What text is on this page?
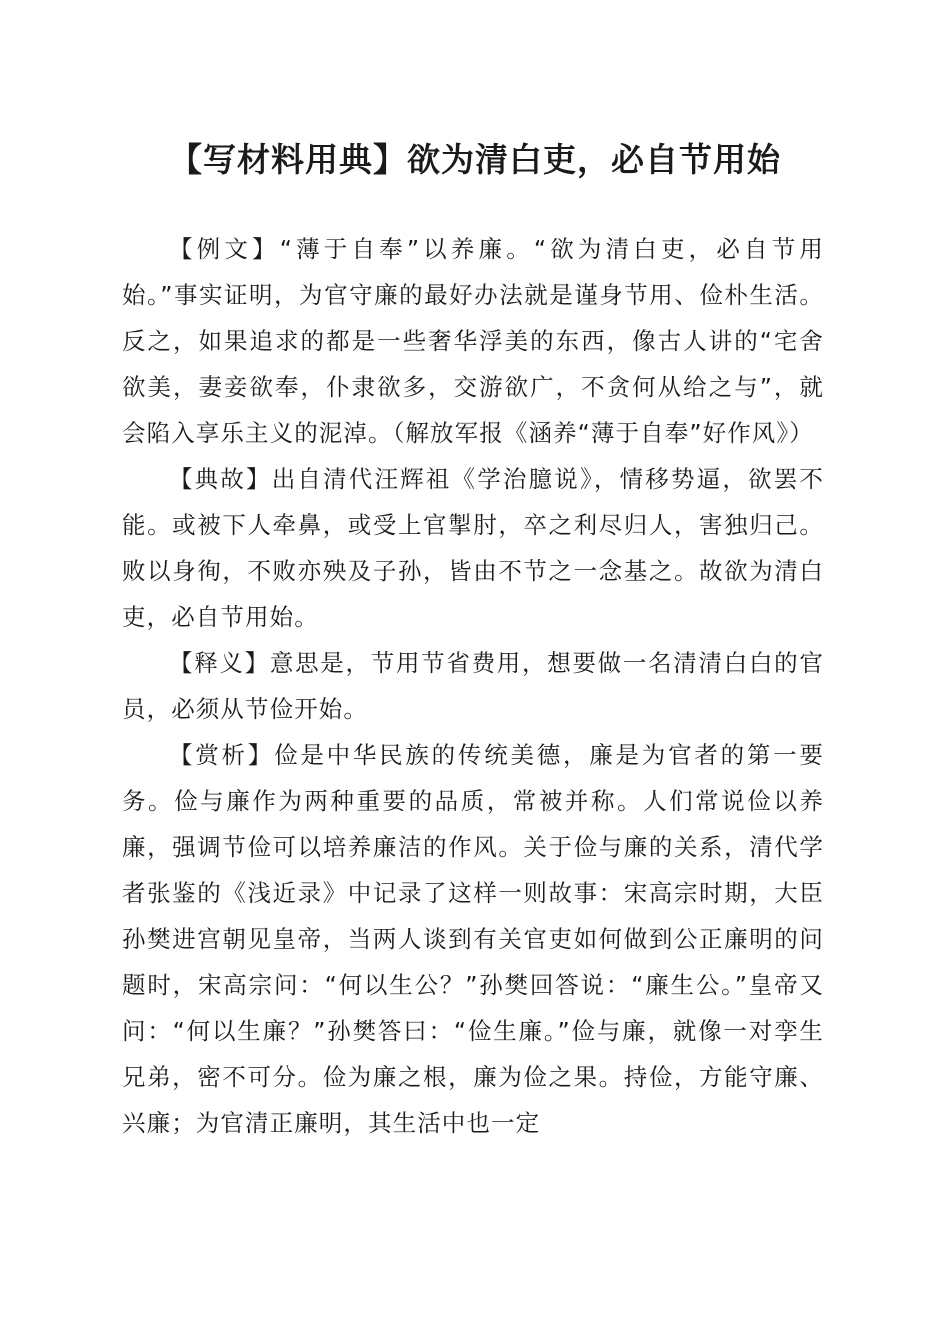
【写材料用典】欲为清白吏，必自节用始

【例文】“薄于自奉”以养廉。“欲为清白吏，必自节用始。”事实证明，为官守廉的最好办法就是谨身节用、俭朴生活。反之，如果追求的都是一些奢华浮美的东西，像古人讲的“宅舍欲美，妻妾欲奉，仆隶欲多，交游欲广，不贪何从给之与”，就会陷入享乐主义的泥淖。（解放军报《涵养“薄于自奉”好作风》）

【典故】出自清代汪辉祖《学治臆说》，情移势逼，欲罢不能。或被下人牵鼻，或受上官掣肘，卒之利尽归人，害独归己。败以身徇，不败亦殃及子孙，皆由不节之一念基之。故欲为清白吏，必自节用始。

【释义】意思是，节用节省费用，想要做一名清清白白的官员，必须从节俭开始。

【赏析】俭是中华民族的传统美德，廉是为官者的第一要务。俭与廉作为两种重要的品质，常被并称。人们常说俭以养廉，强调节俭可以培养廉洁的作风。关于俭与廉的关系，清代学者张鉴的《浅近录》中记录了这样一则故事：宋高宗时期，大臣孙樊进宫朝见皇帝，当两人谈到有关官吏如何做到公正廉明的问题时，宋高宗问：“何以生公？”孙樊回答说：“廉生公。”皇帝又问：“何以生廉？”孙樊答曰：“俭生廉。”俭与廉，就像一对孪生兄弟，密不可分。俭为廉之根，廉为俭之果。持俭，方能守廉、兴廉；为官清正廉明，其生活中也一定
